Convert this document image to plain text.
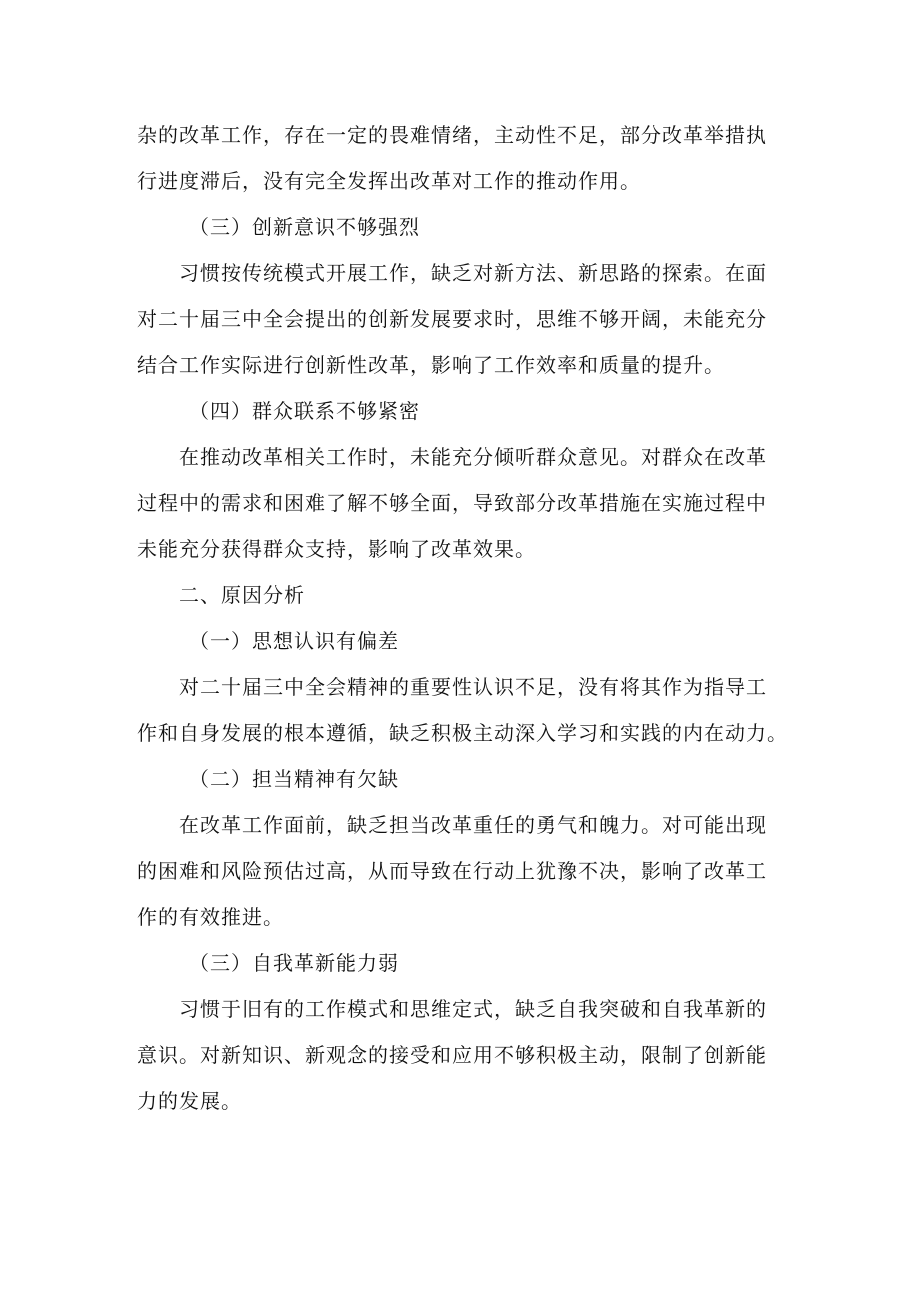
杂的改革工作，存在一定的畏难情绪，主动性不足，部分改革举措执
行进度滞后，没有完全发挥出改革对工作的推动作用。
（三）创新意识不够强烈
习惯按传统模式开展工作，缺乏对新方法、新思路的探索。在面
对二十届三中全会提出的创新发展要求时，思维不够开阔，未能充分
结合工作实际进行创新性改革，影响了工作效率和质量的提升。
（四）群众联系不够紧密
在推动改革相关工作时，未能充分倾听群众意见。对群众在改革
过程中的需求和困难了解不够全面，导致部分改革措施在实施过程中
未能充分获得群众支持，影响了改革效果。
二、原因分析
（一）思想认识有偏差
对二十届三中全会精神的重要性认识不足，没有将其作为指导工
作和自身发展的根本遵循，缺乏积极主动深入学习和实践的内在动力。
（二）担当精神有欠缺
在改革工作面前，缺乏担当改革重任的勇气和魄力。对可能出现
的困难和风险预估过高，从而导致在行动上犹豫不决，影响了改革工
作的有效推进。
（三）自我革新能力弱
习惯于旧有的工作模式和思维定式，缺乏自我突破和自我革新的
意识。对新知识、新观念的接受和应用不够积极主动，限制了创新能
力的发展。
